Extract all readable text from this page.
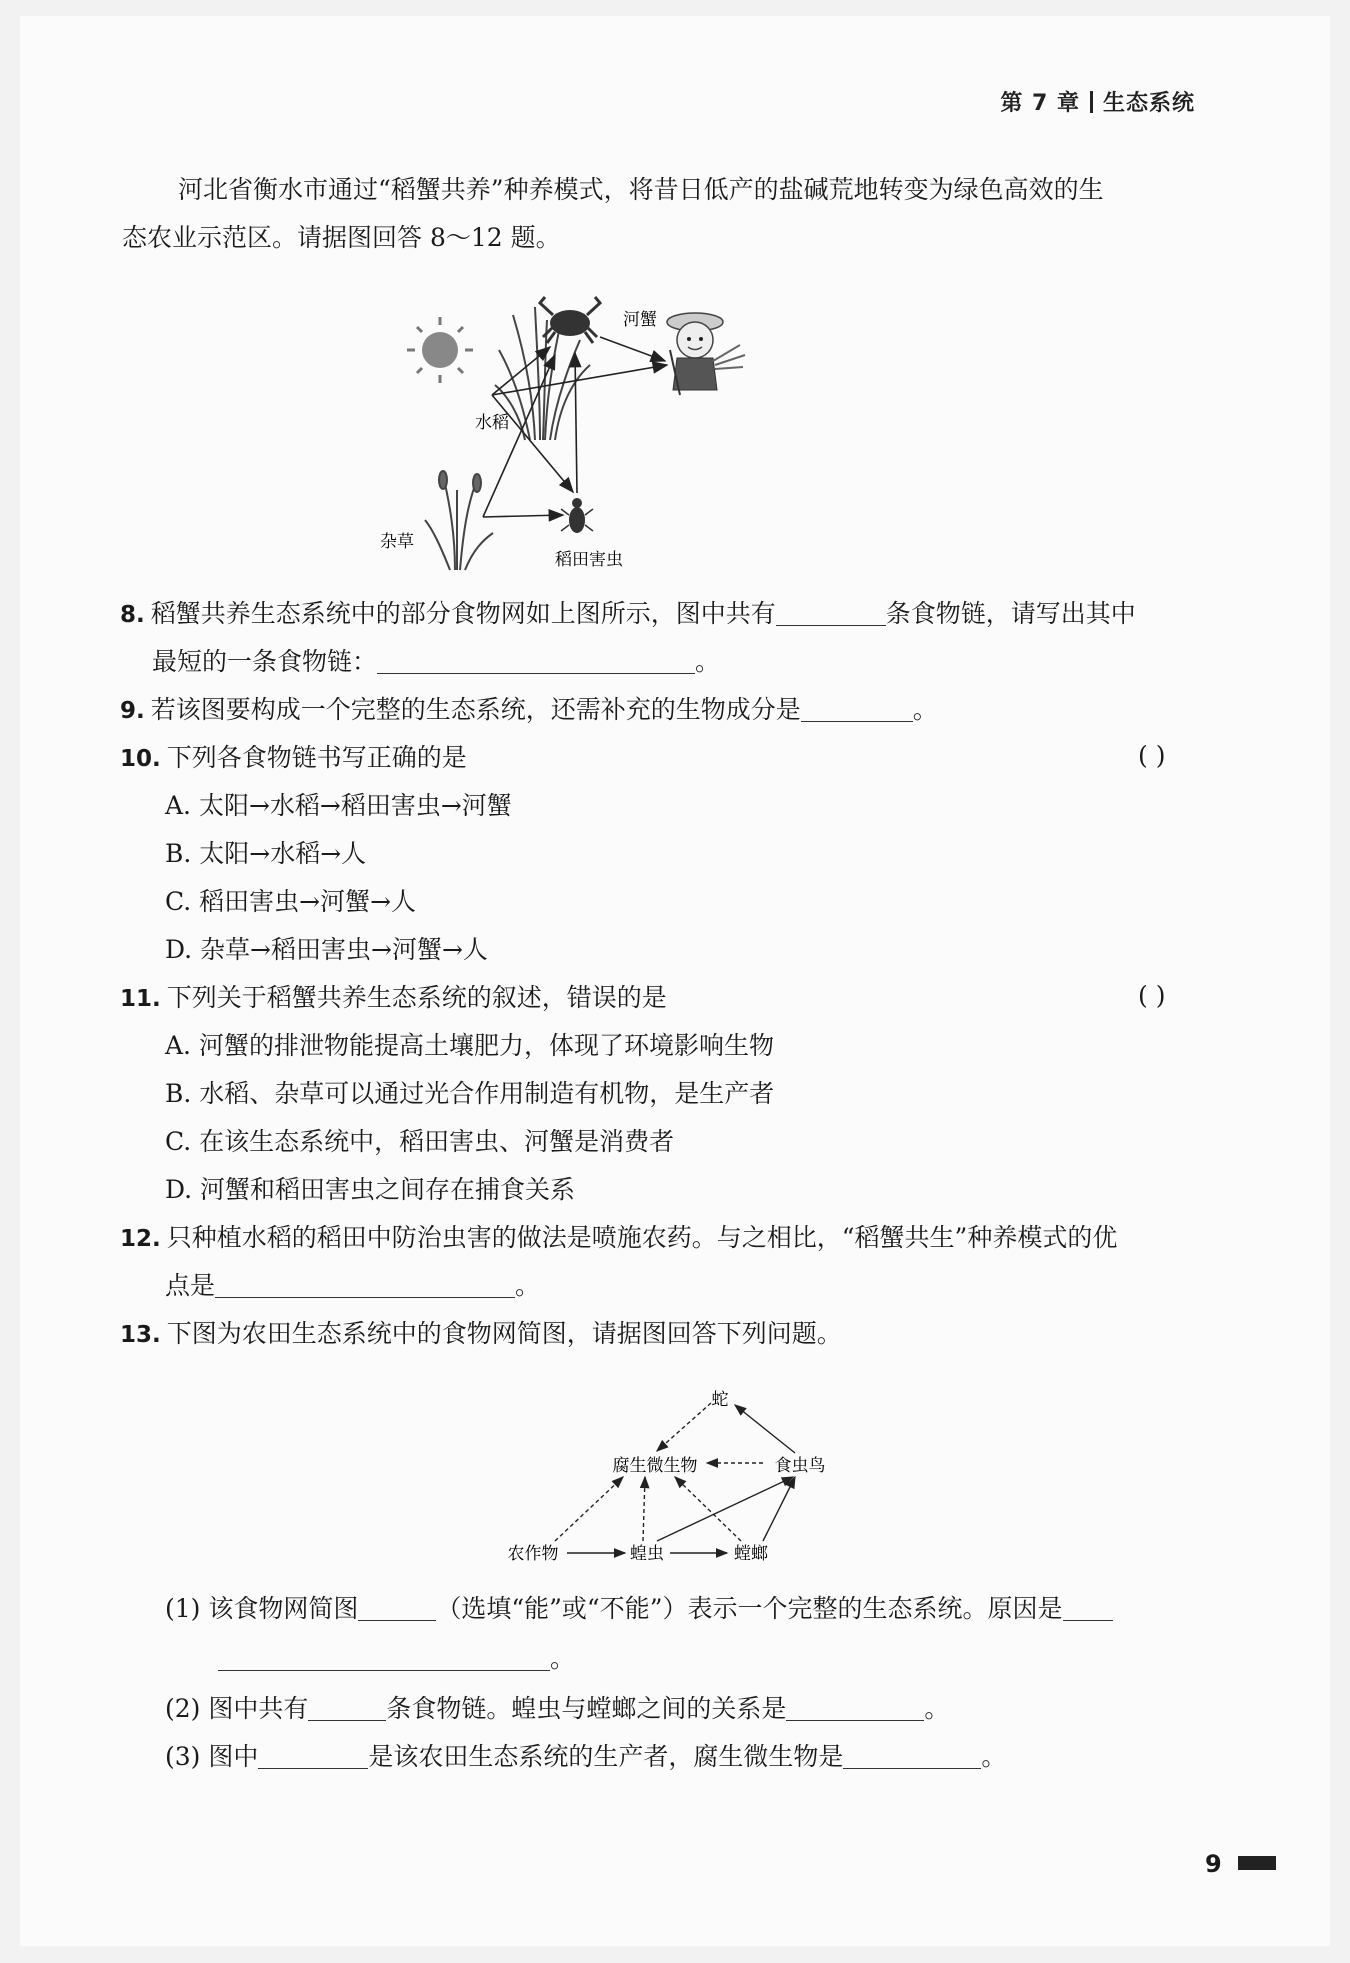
第 7 章 生态系统
河北省衡水市通过“稻蟹共养”种养模式，将昔日低产的盐碱荒地转变为绿色高效的生
态农业示范区。请据图回答 8～12 题。
水稻
河蟹
杂草
稻田害虫
8. 稻蟹共养生态系统中的部分食物网如上图所示，图中共有	条食物链，请写出其中
最短的一条食物链：	。
9. 若该图要构成一个完整的生态系统，还需补充的生物成分是	。
10. 下列各食物链书写正确的是	( )
A. 太阳→水稻→稻田害虫→河蟹
B. 太阳→水稻→人
C. 稻田害虫→河蟹→人
D. 杂草→稻田害虫→河蟹→人
11. 下列关于稻蟹共养生态系统的叙述，错误的是	( )
A. 河蟹的排泄物能提高土壤肥力，体现了环境影响生物
B. 水稻、杂草可以通过光合作用制造有机物，是生产者
C. 在该生态系统中，稻田害虫、河蟹是消费者
D. 河蟹和稻田害虫之间存在捕食关系
12. 只种植水稻的稻田中防治虫害的做法是喷施农药。与之相比，“稻蟹共生”种养模式的优
点是	。
13. 下图为农田生态系统中的食物网简图，请据图回答下列问题。
蛇
腐生微生物	食虫鸟
农作物	蝗虫	螳螂
(1) 该食物网简图	（选填“能”或“不能”）表示一个完整的生态系统。原因是
。
(2) 图中共有	条食物链。蝗虫与螳螂之间的关系是	。
(3) 图中	是该农田生态系统的生产者，腐生微生物是	。
9
